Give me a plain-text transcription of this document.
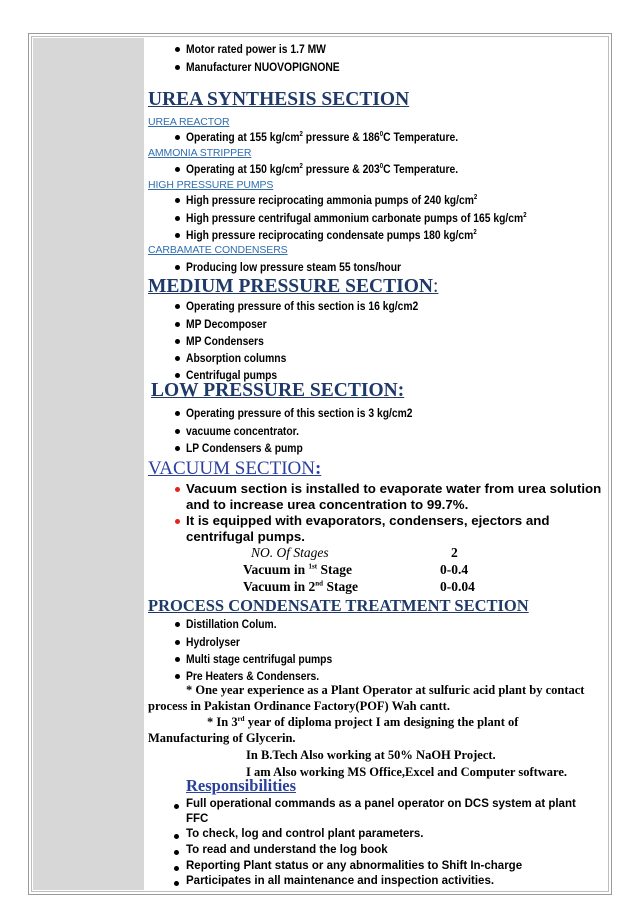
Motor rated power is 1.7 MW
Manufacturer NUOVOPIGNONE
UREA SYNTHESIS SECTION
UREA REACTOR
Operating at 155 $kg/cm^2$ pressure & $186^0C$ Temperature.
AMMONIA STRIPPER
Operating at 150 $kg/cm^2$ pressure & $203^0C$ Temperature.
HIGH PRESSURE PUMPS
High pressure reciprocating ammonia pumps of 240 $kg/cm^2$
High pressure centrifugal ammonium carbonate pumps of 165 $kg/cm^2$
High pressure reciprocating condensate pumps 180 $kg/cm^2$
CARBAMATE CONDENSERS
Producing low pressure steam 55 tons/hour
MEDIUM PRESSURE SECTION:
Operating pressure of this section is 16 kg/cm2
MP Decomposer
MP Condensers
Absorption columns
Centrifugal pumps
LOW PRESSURE SECTION:
Operating pressure of this section is 3 kg/cm2
vacuume concentrator.
LP Condensers & pump
VACUUM SECTION:
Vacuum section is installed to evaporate water from urea solution
and to increase urea concentration to 99.7%.
It is equipped with evaporators, condensers, ejectors and
centrifugal pumps.
NO. Of Stages	2
Vacuum in $^{1st}$ Stage	0-0.4
Vacuum in 2nd Stage	0-0.04
PROCESS CONDENSATE TREATMENT SECTION
Distillation Colum.
Hydrolyser
Multi stage centrifugal pumps
Pre Heaters & Condensers.
* One year experience as a Plant Operator at sulfuric acid plant by contact
process in Pakistan Ordinance Factory(POF) Wah cantt.
* In 3rd year of diploma project I am designing the plant of
Manufacturing of Glycerin.
In B.Tech Also working at 50% NaOH Project.
I am Also working MS Office,Excel and Computer software.
Responsibilities
Full operational commands as a panel operator on DCS system at plant
FFC
To check, log and control plant parameters.
To read and understand the log book
Reporting Plant status or any abnormalities to Shift In-charge
Participates in all maintenance and inspection activities.
